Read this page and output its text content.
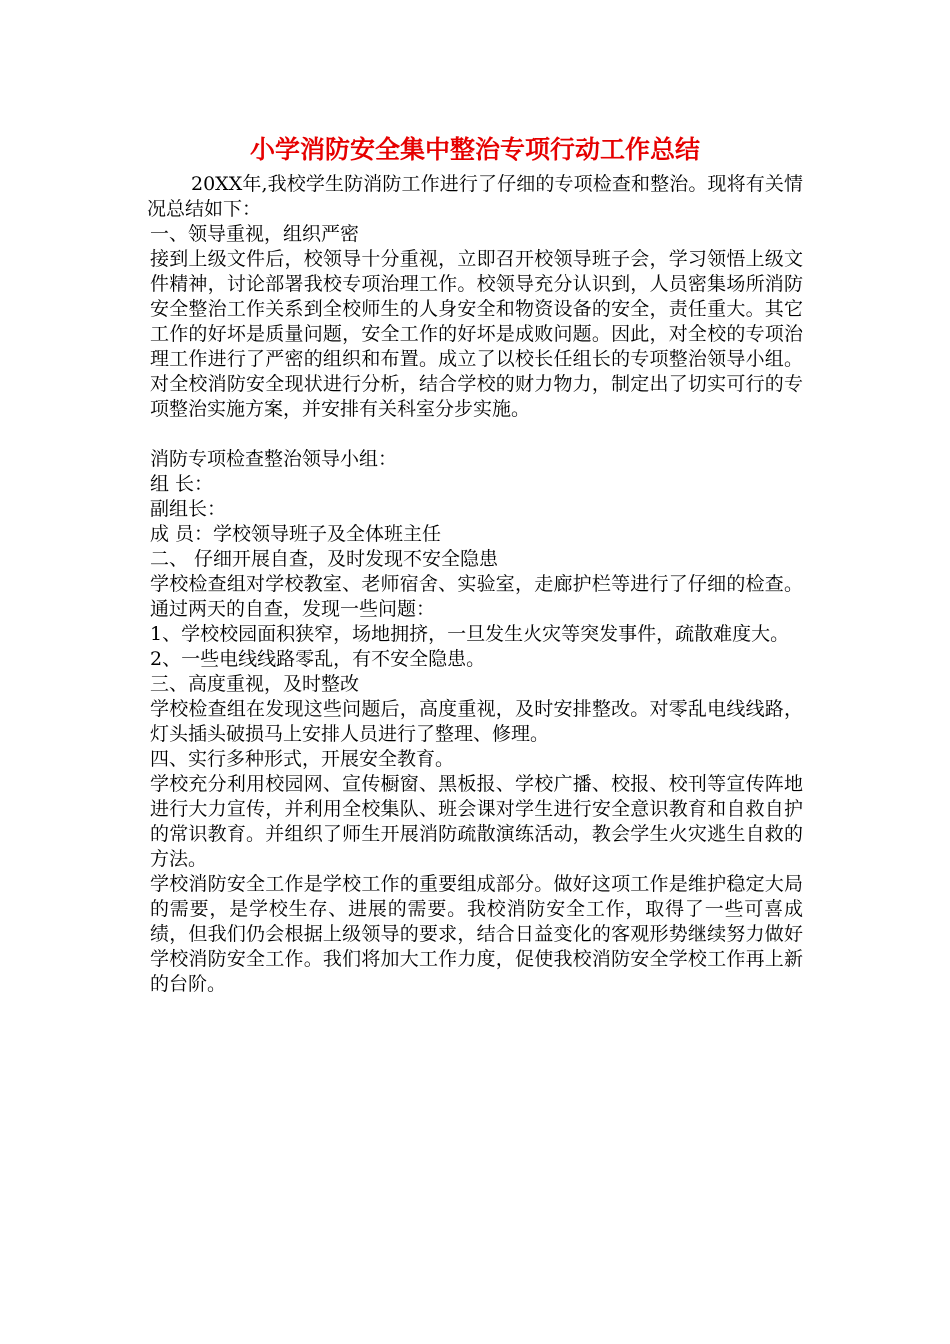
小学消防安全集中整治专项行动工作总结

20XX年,我校学生防消防工作进行了仔细的专项检查和整治。现将有关情况总结如下：

一、领导重视，组织严密

接到上级文件后，校领导十分重视，立即召开校领导班子会，学习领悟上级文件精神，讨论部署我校专项治理工作。校领导充分认识到，人员密集场所消防安全整治工作关系到全校师生的人身安全和物资设备的安全，责任重大。其它工作的好坏是质量问题，安全工作的好坏是成败问题。因此，对全校的专项治理工作进行了严密的组织和布置。成立了以校长任组长的专项整治领导小组。对全校消防安全现状进行分析，结合学校的财力物力，制定出了切实可行的专项整治实施方案，并安排有关科室分步实施。

消防专项检查整治领导小组：

组 长：

副组长：

成 员：学校领导班子及全体班主任

二、 仔细开展自查，及时发现不安全隐患

学校检查组对学校教室、老师宿舍、实验室，走廊护栏等进行了仔细的检查。通过两天的自查，发现一些问题：

1、学校校园面积狭窄，场地拥挤，一旦发生火灾等突发事件，疏散难度大。

2、一些电线线路零乱，有不安全隐患。

三、高度重视，及时整改

学校检查组在发现这些问题后，高度重视，及时安排整改。对零乱电线线路，灯头插头破损马上安排人员进行了整理、修理。

四、实行多种形式，开展安全教育。

学校充分利用校园网、宣传橱窗、黑板报、学校广播、校报、校刊等宣传阵地进行大力宣传，并利用全校集队、班会课对学生进行安全意识教育和自救自护的常识教育。并组织了师生开展消防疏散演练活动，教会学生火灾逃生自救的方法。

学校消防安全工作是学校工作的重要组成部分。做好这项工作是维护稳定大局的需要，是学校生存、进展的需要。我校消防安全工作，取得了一些可喜成绩，但我们仍会根据上级领导的要求，结合日益变化的客观形势继续努力做好学校消防安全工作。我们将加大工作力度，促使我校消防安全学校工作再上新的台阶。
